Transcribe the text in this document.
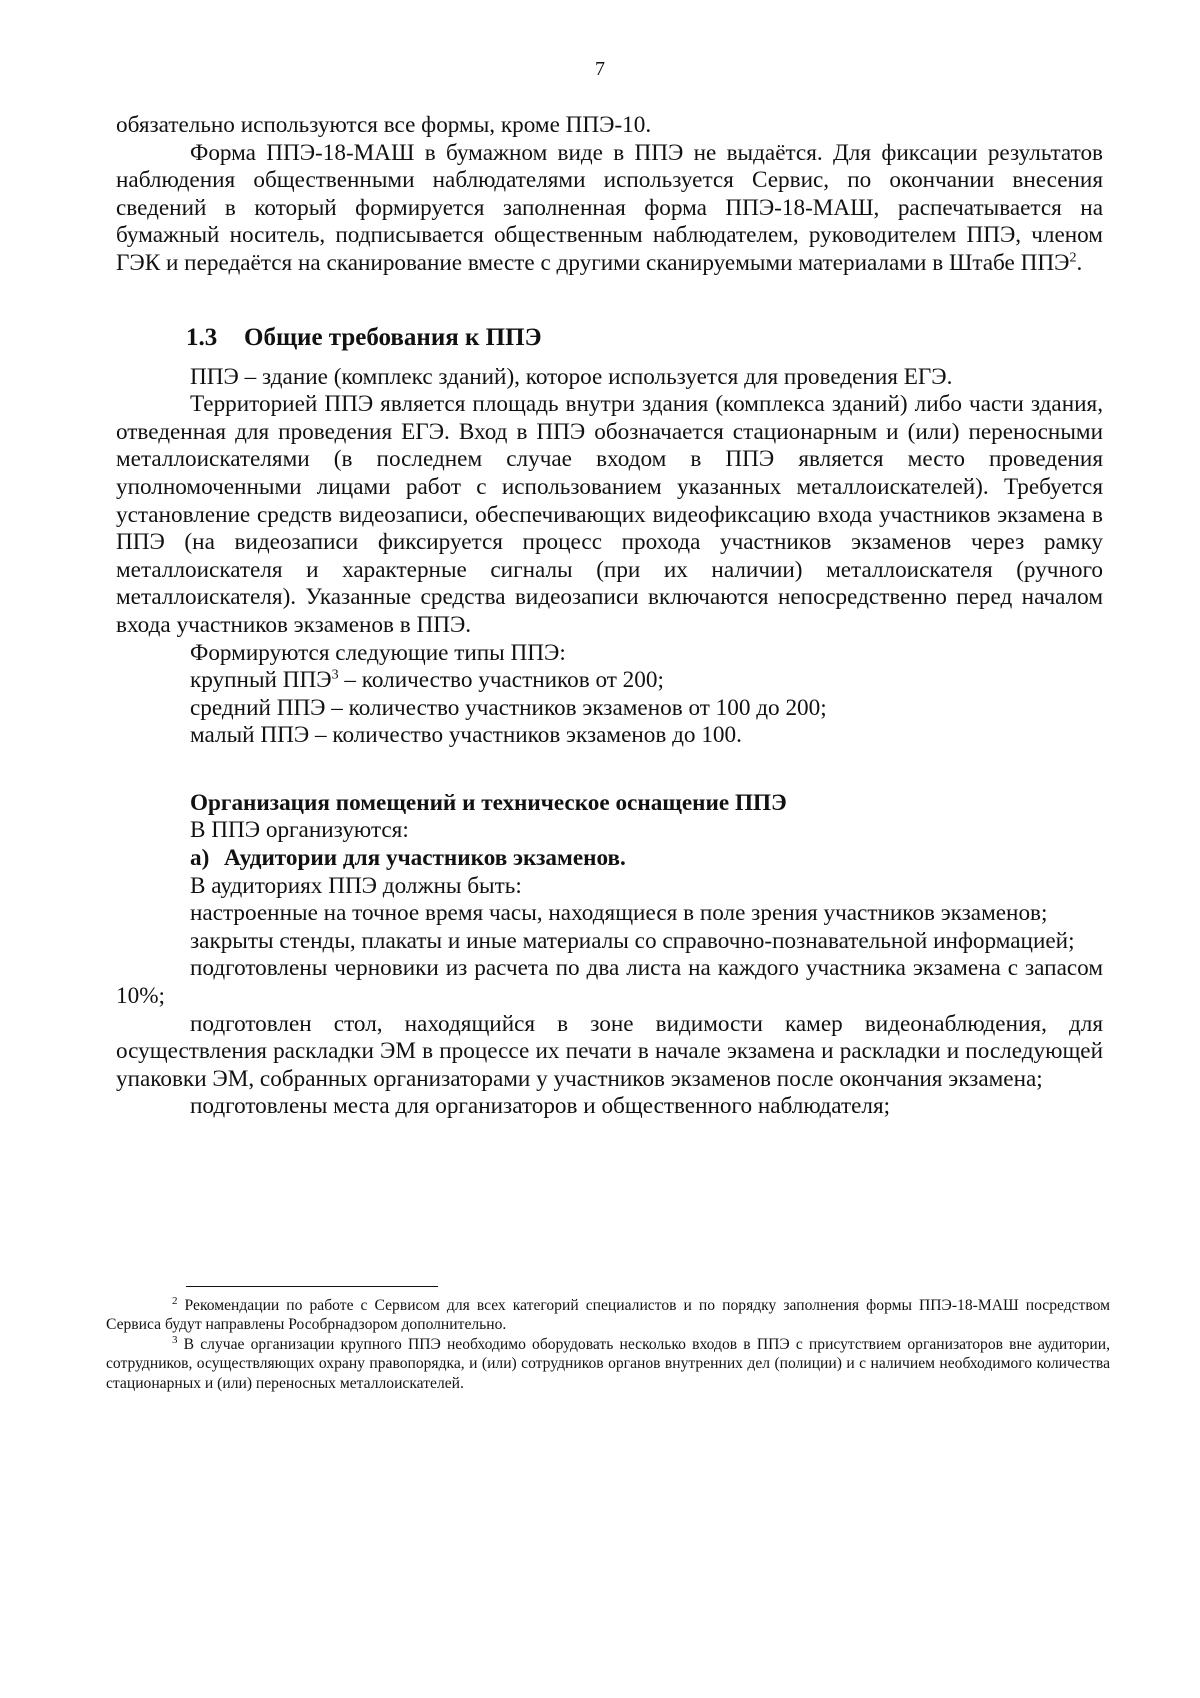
7

обязательно используются все формы, кроме ППЭ-10.

Форма ППЭ-18-МАШ в бумажном виде в ППЭ не выдаётся. Для фиксации результатов наблюдения общественными наблюдателями используется Сервис, по окончании внесения сведений в который формируется заполненная форма ППЭ-18-МАШ, распечатывается на бумажный носитель, подписывается общественным наблюдателем, руководителем ППЭ, членом ГЭК и передаётся на сканирование вместе с другими сканируемыми материалами в Штабе ППЭ$^2$.

1.3 Общие требования к ППЭ

ППЭ – здание (комплекс зданий), которое используется для проведения ЕГЭ.

Территорией ППЭ является площадь внутри здания (комплекса зданий) либо части здания, отведенная для проведения ЕГЭ. Вход в ППЭ обозначается стационарным и (или) переносными металлоискателями (в последнем случае входом в ППЭ является место проведения уполномоченными лицами работ с использованием указанных металлоискателей). Требуется установление средств видеозаписи, обеспечивающих видеофиксацию входа участников экзамена в ППЭ (на видеозаписи фиксируется процесс прохода участников экзаменов через рамку металлоискателя и характерные сигналы (при их наличии) металлоискателя (ручного металлоискателя). Указанные средства видеозаписи включаются непосредственно перед началом входа участников экзаменов в ППЭ.

Формируются следующие типы ППЭ:

крупный ППЭ$^3$ – количество участников от 200;

средний ППЭ – количество участников экзаменов от 100 до 200;

малый ППЭ – количество участников экзаменов до 100.

Организация помещений и техническое оснащение ППЭ

В ППЭ организуются:

а) Аудитории для участников экзаменов.

В аудиториях ППЭ должны быть:

настроенные на точное время часы, находящиеся в поле зрения участников экзаменов;

закрыты стенды, плакаты и иные материалы со справочно-познавательной информацией;

подготовлены черновики из расчета по два листа на каждого участника экзамена с запасом 10%;

подготовлен стол, находящийся в зоне видимости камер видеонаблюдения, для осуществления раскладки ЭМ в процессе их печати в начале экзамена и раскладки и последующей упаковки ЭМ, собранных организаторами у участников экзаменов после окончания экзамена;

подготовлены места для организаторов и общественного наблюдателя;

$^2$ Рекомендации по работе с Сервисом для всех категорий специалистов и по порядку заполнения формы ППЭ-18-МАШ посредством Сервиса будут направлены Рособрнадзором дополнительно.

$^3$ В случае организации крупного ППЭ необходимо оборудовать несколько входов в ППЭ с присутствием организаторов вне аудитории, сотрудников, осуществляющих охрану правопорядка, и (или) сотрудников органов внутренних дел (полиции) и с наличием необходимого количества стационарных и (или) переносных металлоискателей.
